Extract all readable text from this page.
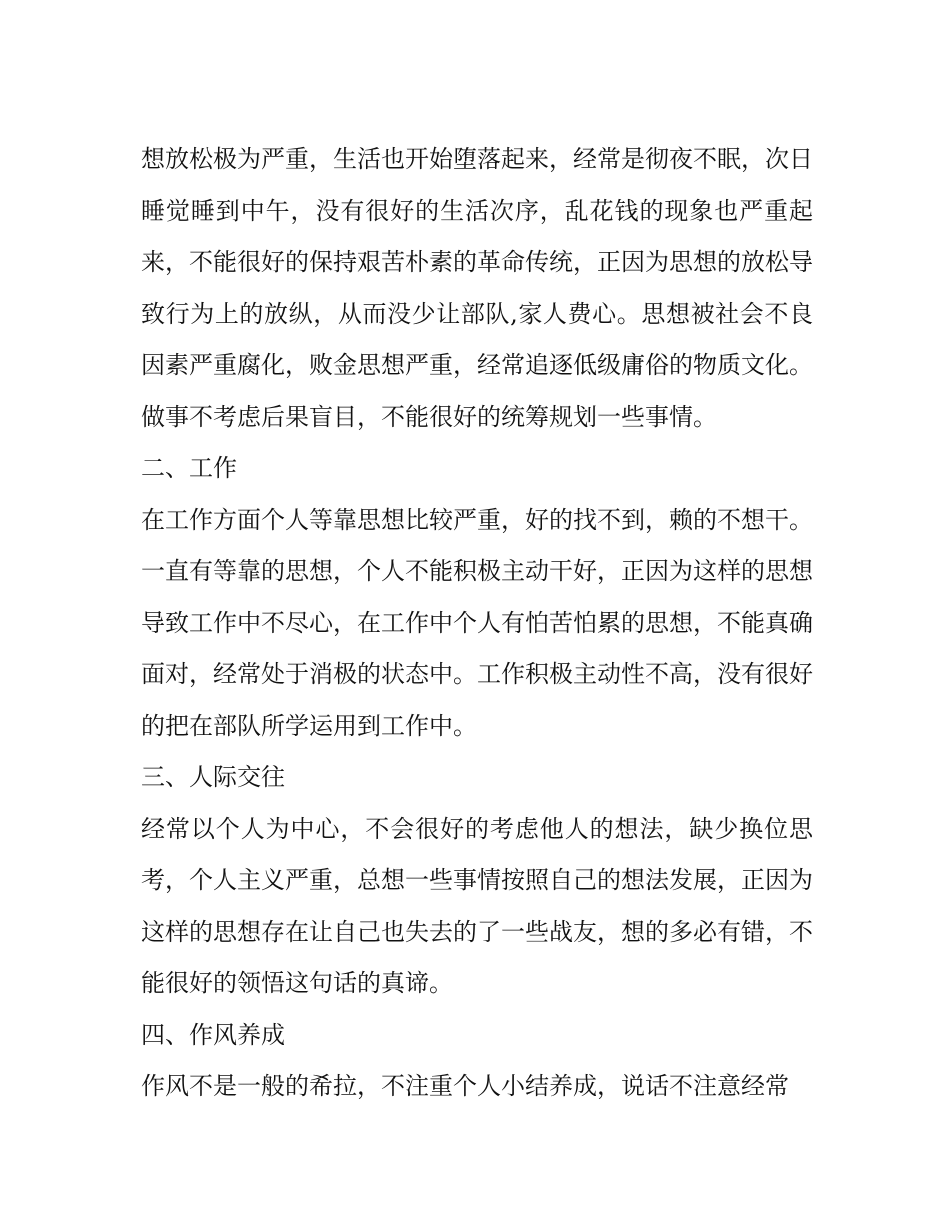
想放松极为严重，生活也开始堕落起来，经常是彻夜不眠，次日睡觉睡到中午，没有很好的生活次序，乱花钱的现象也严重起来，不能很好的保持艰苦朴素的革命传统，正因为思想的放松导致行为上的放纵，从而没少让部队,家人费心。思想被社会不良因素严重腐化，败金思想严重，经常追逐低级庸俗的物质文化。做事不考虑后果盲目，不能很好的统筹规划一些事情。

二、工作

在工作方面个人等靠思想比较严重，好的找不到，赖的不想干。一直有等靠的思想，个人不能积极主动干好，正因为这样的思想导致工作中不尽心，在工作中个人有怕苦怕累的思想，不能真确面对，经常处于消极的状态中。工作积极主动性不高，没有很好的把在部队所学运用到工作中。

三、人际交往

经常以个人为中心，不会很好的考虑他人的想法，缺少换位思考，个人主义严重，总想一些事情按照自己的想法发展，正因为这样的思想存在让自己也失去的了一些战友，想的多必有错，不能很好的领悟这句话的真谛。

四、作风养成

作风不是一般的希拉，不注重个人小结养成，说话不注意经常
